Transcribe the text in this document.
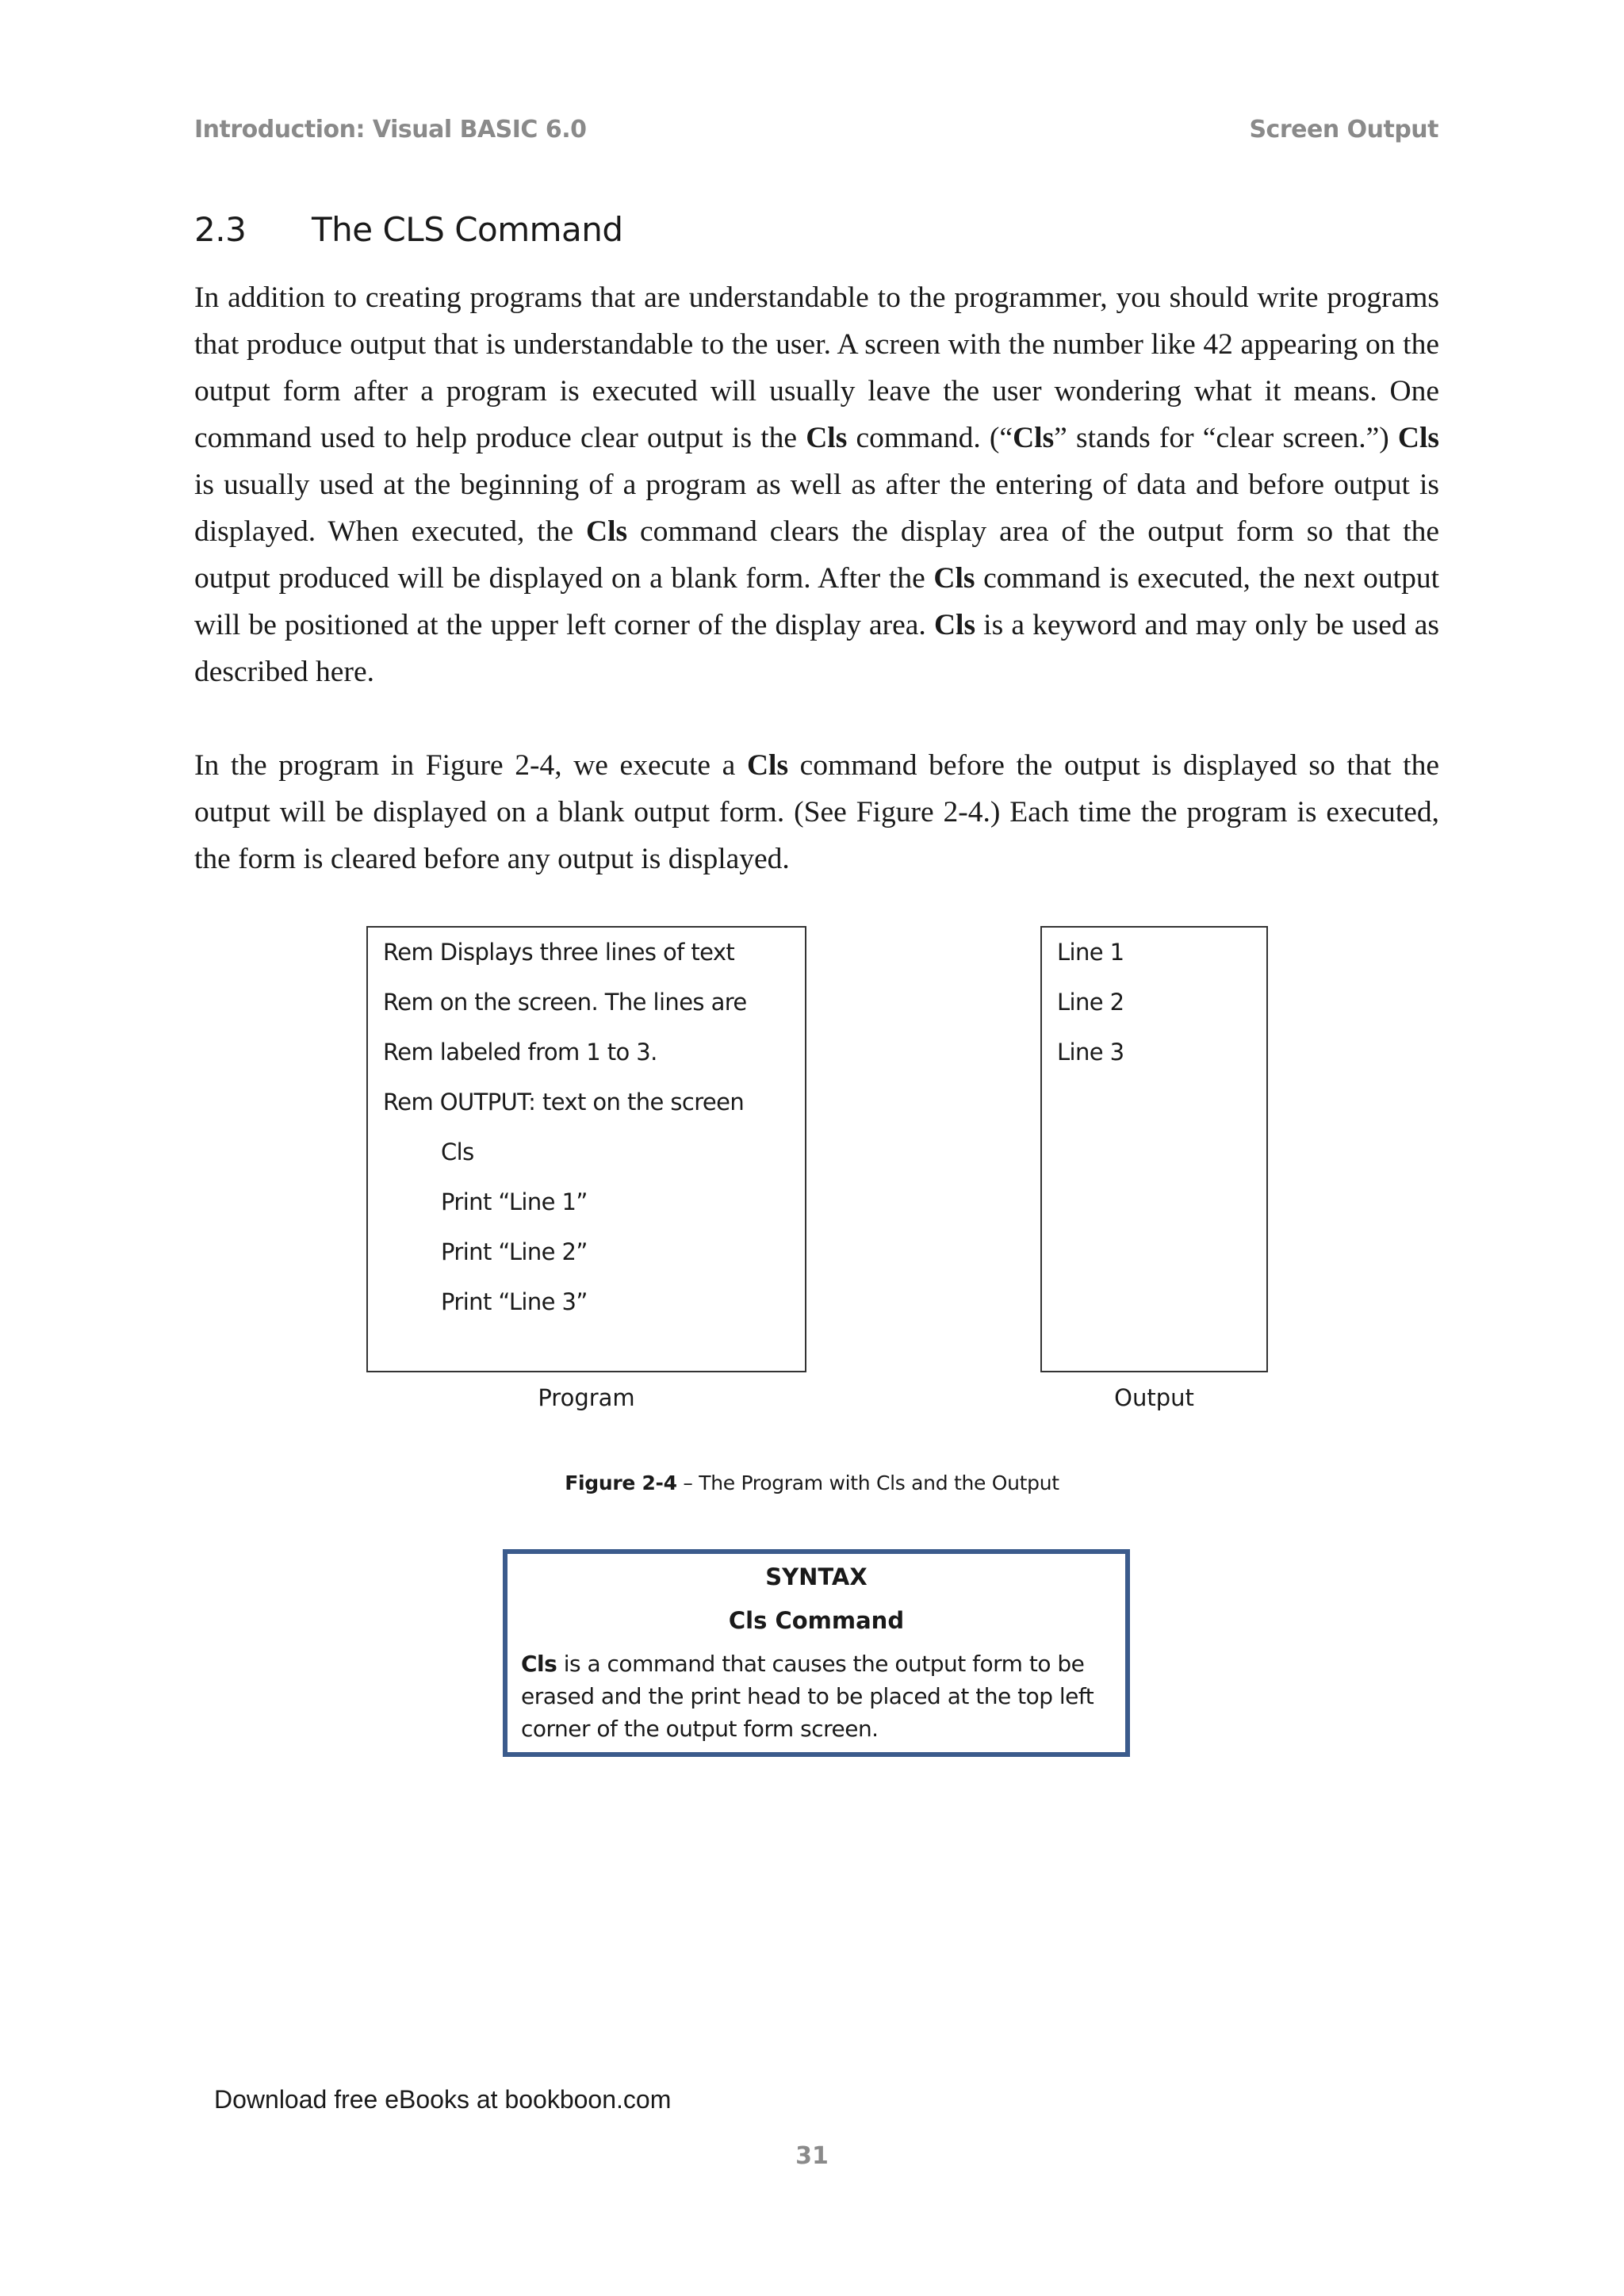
Introduction: Visual BASIC 6.0	Screen Output
2.3 The CLS Command

In addition to creating programs that are understandable to the programmer, you should write programs that produce output that is understandable to the user. A screen with the number like 42 appearing on the output form after a program is executed will usually leave the user wondering what it means. One command used to help produce clear output is the Cls command. (“Cls” stands for “clear screen.”) Cls is usually used at the beginning of a program as well as after the entering of data and before output is displayed. When executed, the Cls command clears the display area of the output form so that the output produced will be displayed on a blank form. After the Cls command is executed, the next output will be positioned at the upper left corner of the display area. Cls is a keyword and may only be used as described here.

In the program in Figure 2-4, we execute a Cls command before the output is displayed so that the output will be displayed on a blank output form. (See Figure 2-4.) Each time the program is executed, the form is cleared before any output is displayed.

Rem Displays three lines of text
Rem on the screen. The lines are
Rem labeled from 1 to 3.
Rem OUTPUT: text on the screen
Cls
Print “Line 1”
Print “Line 2”
Print “Line 3”
Line 1
Line 2
Line 3
Program	Output
Figure 2-4 – The Program with Cls and the Output
SYNTAX
Cls Command
Cls is a command that causes the output form to be erased and the print head to be placed at the top left corner of the output form screen.
Download free eBooks at bookboon.com
31
